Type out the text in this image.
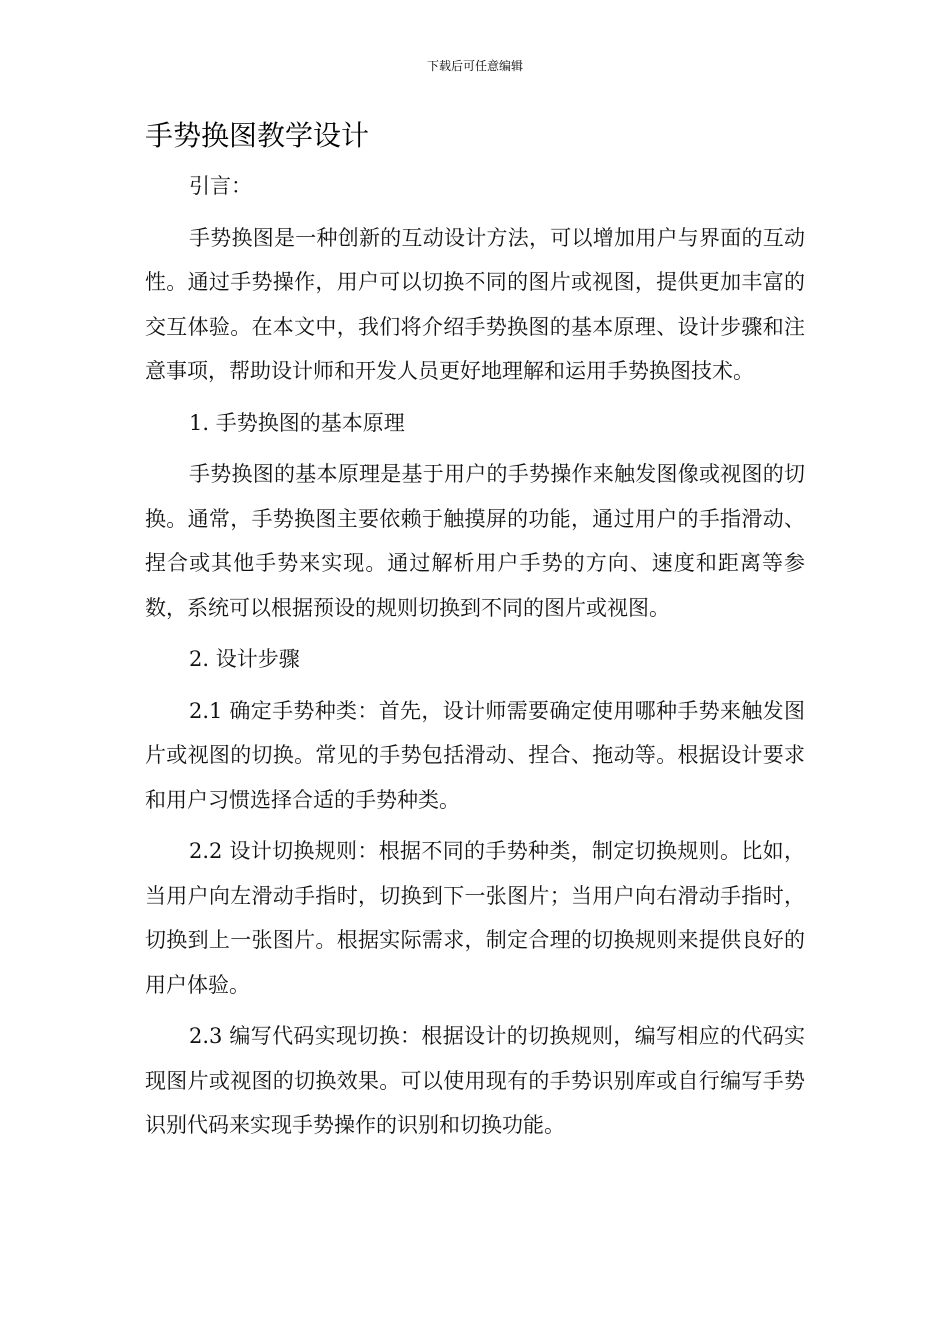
下载后可任意编辑
手势换图教学设计

引言：

手势换图是一种创新的互动设计方法，可以增加用户与界面的互动性。通过手势操作，用户可以切换不同的图片或视图，提供更加丰富的交互体验。在本文中，我们将介绍手势换图的基本原理、设计步骤和注意事项，帮助设计师和开发人员更好地理解和运用手势换图技术。

1. 手势换图的基本原理

手势换图的基本原理是基于用户的手势操作来触发图像或视图的切换。通常，手势换图主要依赖于触摸屏的功能，通过用户的手指滑动、捏合或其他手势来实现。通过解析用户手势的方向、速度和距离等参数，系统可以根据预设的规则切换到不同的图片或视图。

2. 设计步骤

2.1 确定手势种类：首先，设计师需要确定使用哪种手势来触发图片或视图的切换。常见的手势包括滑动、捏合、拖动等。根据设计要求和用户习惯选择合适的手势种类。

2.2 设计切换规则：根据不同的手势种类，制定切换规则。比如，当用户向左滑动手指时，切换到下一张图片；当用户向右滑动手指时，切换到上一张图片。根据实际需求，制定合理的切换规则来提供良好的用户体验。

2.3 编写代码实现切换：根据设计的切换规则，编写相应的代码实现图片或视图的切换效果。可以使用现有的手势识别库或自行编写手势识别代码来实现手势操作的识别和切换功能。
